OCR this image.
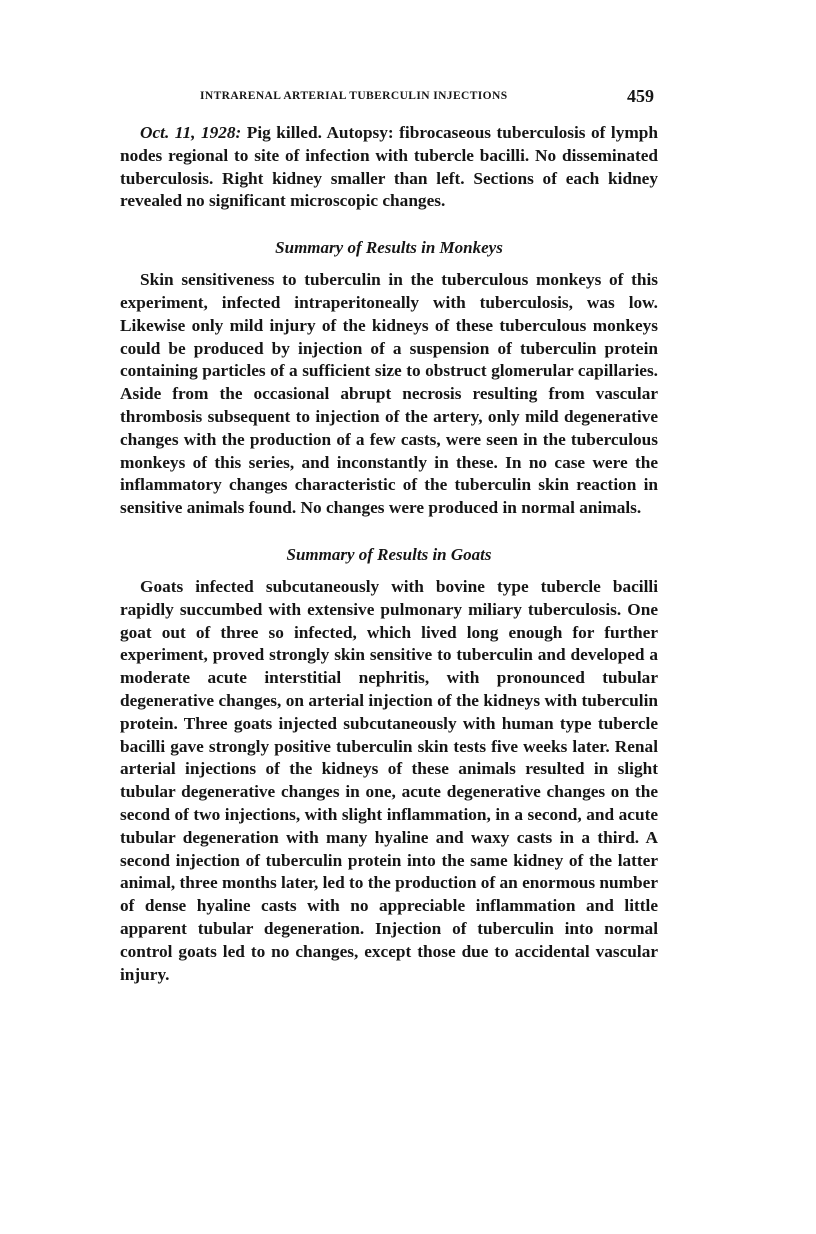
INTRARENAL ARTERIAL TUBERCULIN INJECTIONS	459

Oct. 11, 1928: Pig killed. Autopsy: fibrocaseous tuberculosis of lymph nodes regional to site of infection with tubercle bacilli. No disseminated tuberculosis. Right kidney smaller than left. Sections of each kidney revealed no significant microscopic changes.

Summary of Results in Monkeys

Skin sensitiveness to tuberculin in the tuberculous monkeys of this experiment, infected intraperitoneally with tuberculosis, was low. Likewise only mild injury of the kidneys of these tuberculous monkeys could be produced by injection of a suspension of tuberculin protein containing particles of a sufficient size to obstruct glomerular capillaries. Aside from the occasional abrupt necrosis resulting from vascular thrombosis subsequent to injection of the artery, only mild degenerative changes with the production of a few casts, were seen in the tuberculous monkeys of this series, and inconstantly in these. In no case were the inflammatory changes characteristic of the tuberculin skin reaction in sensitive animals found. No changes were produced in normal animals.

Summary of Results in Goats

Goats infected subcutaneously with bovine type tubercle bacilli rapidly succumbed with extensive pulmonary miliary tuberculosis. One goat out of three so infected, which lived long enough for further experiment, proved strongly skin sensitive to tuberculin and developed a moderate acute interstitial nephritis, with pronounced tubular degenerative changes, on arterial injection of the kidneys with tuberculin protein. Three goats injected subcutaneously with human type tubercle bacilli gave strongly positive tuberculin skin tests five weeks later. Renal arterial injections of the kidneys of these animals resulted in slight tubular degenerative changes in one, acute degenerative changes on the second of two injections, with slight inflammation, in a second, and acute tubular degeneration with many hyaline and waxy casts in a third. A second injection of tuberculin protein into the same kidney of the latter animal, three months later, led to the production of an enormous number of dense hyaline casts with no appreciable inflammation and little apparent tubular degeneration. Injection of tuberculin into normal control goats led to no changes, except those due to accidental vascular injury.
